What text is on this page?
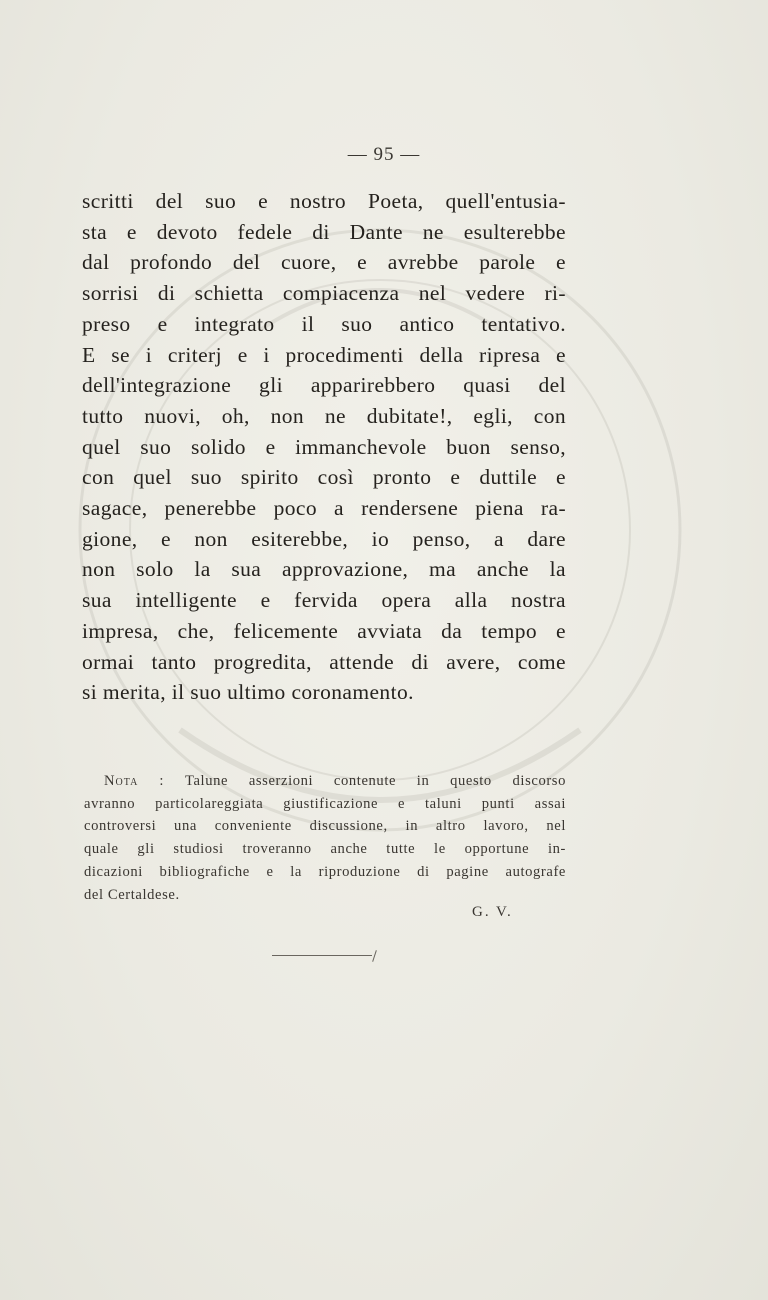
— 95 —
scritti del suo e nostro Poeta, quell'entusia-
sta e devoto fedele di Dante ne esulterebbe
dal profondo del cuore, e avrebbe parole e
sorrisi di schietta compiacenza nel vedere ri-
preso e integrato il suo antico tentativo.
E se i criterj e i procedimenti della ripresa e
dell'integrazione gli apparirebbero quasi del
tutto nuovi, oh, non ne dubitate!, egli, con
quel suo solido e immanchevole buon senso,
con quel suo spirito così pronto e duttile e
sagace, penerebbe poco a rendersene piena ra-
gione, e non esiterebbe, io penso, a dare
non solo la sua approvazione, ma anche la
sua intelligente e fervida opera alla nostra
impresa, che, felicemente avviata da tempo e
ormai tanto progredita, attende di avere, come
si merita, il suo ultimo coronamento.
Nota : Talune asserzioni contenute in questo discorso
avranno particolareggiata giustificazione e taluni punti assai
controversi una conveniente discussione, in altro lavoro, nel
quale gli studiosi troveranno anche tutte le opportune in-
dicazioni bibliografiche e la riproduzione di pagine autografe
del Certaldese.
G. V.
